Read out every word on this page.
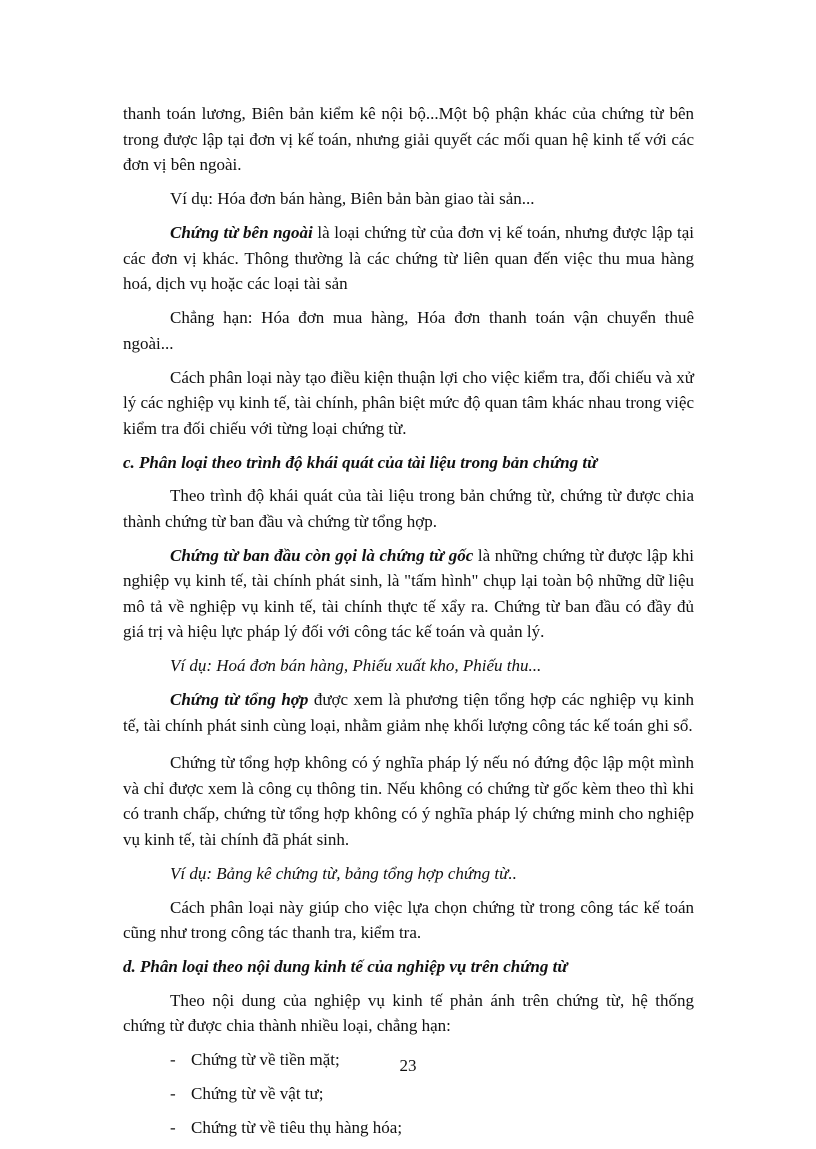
thanh toán lương, Biên bản kiểm kê nội bộ...Một bộ phận khác của chứng từ bên trong được lập tại đơn vị kế toán, nhưng giải quyết các mối quan hệ kinh tế với các đơn vị bên ngoài.

Ví dụ: Hóa đơn bán hàng, Biên bản bàn giao tài sản...

Chứng từ bên ngoài là loại chứng từ của đơn vị kế toán, nhưng được lập tại các đơn vị khác. Thông thường là các chứng từ liên quan đến việc thu mua hàng hoá, dịch vụ hoặc các loại tài sản

Chẳng hạn: Hóa đơn mua hàng, Hóa đơn thanh toán vận chuyển thuê ngoài...

Cách phân loại này tạo điều kiện thuận lợi cho việc kiểm tra, đối chiếu và xử lý các nghiệp vụ kinh tế, tài chính, phân biệt mức độ quan tâm khác nhau trong việc kiểm tra đối chiếu với từng loại chứng từ.

c. Phân loại theo trình độ khái quát của tài liệu trong bản chứng từ

Theo trình độ khái quát của tài liệu trong bản chứng từ, chứng từ được chia thành chứng từ ban đầu và chứng từ tổng hợp.

Chứng từ ban đầu còn gọi là chứng từ gốc là những chứng từ được lập khi nghiệp vụ kinh tế, tài chính phát sinh, là "tấm hình" chụp lại toàn bộ những dữ liệu mô tả về nghiệp vụ kinh tế, tài chính thực tế xẩy ra. Chứng từ ban đầu có đầy đủ giá trị và hiệu lực pháp lý đối với công tác kế toán và quản lý.

Ví dụ: Hoá đơn bán hàng, Phiếu xuất kho, Phiếu thu...

Chứng từ tổng hợp được xem là phương tiện tổng hợp các nghiệp vụ kinh tế, tài chính phát sinh cùng loại, nhằm giảm nhẹ khối lượng công tác kế toán ghi sổ.

Chứng từ tổng hợp không có ý nghĩa pháp lý nếu nó đứng độc lập một mình và chỉ được xem là công cụ thông tin. Nếu không có chứng từ gốc kèm theo thì khi có tranh chấp, chứng từ tổng hợp không có ý nghĩa pháp lý chứng minh cho nghiệp vụ kinh tế, tài chính đã phát sinh.

Ví dụ: Bảng kê chứng từ, bảng tổng hợp chứng từ..

Cách phân loại này giúp cho việc lựa chọn chứng từ trong công tác kế toán cũng như trong công tác thanh tra, kiểm tra.

d. Phân loại theo nội dung kinh tế của nghiệp vụ trên chứng từ

Theo nội dung của nghiệp vụ kinh tế phản ánh trên chứng từ, hệ thống chứng từ được chia thành nhiều loại, chẳng hạn:

- Chứng từ về tiền mặt;
- Chứng từ về vật tư;
- Chứng từ về tiêu thụ hàng hóa;
23
